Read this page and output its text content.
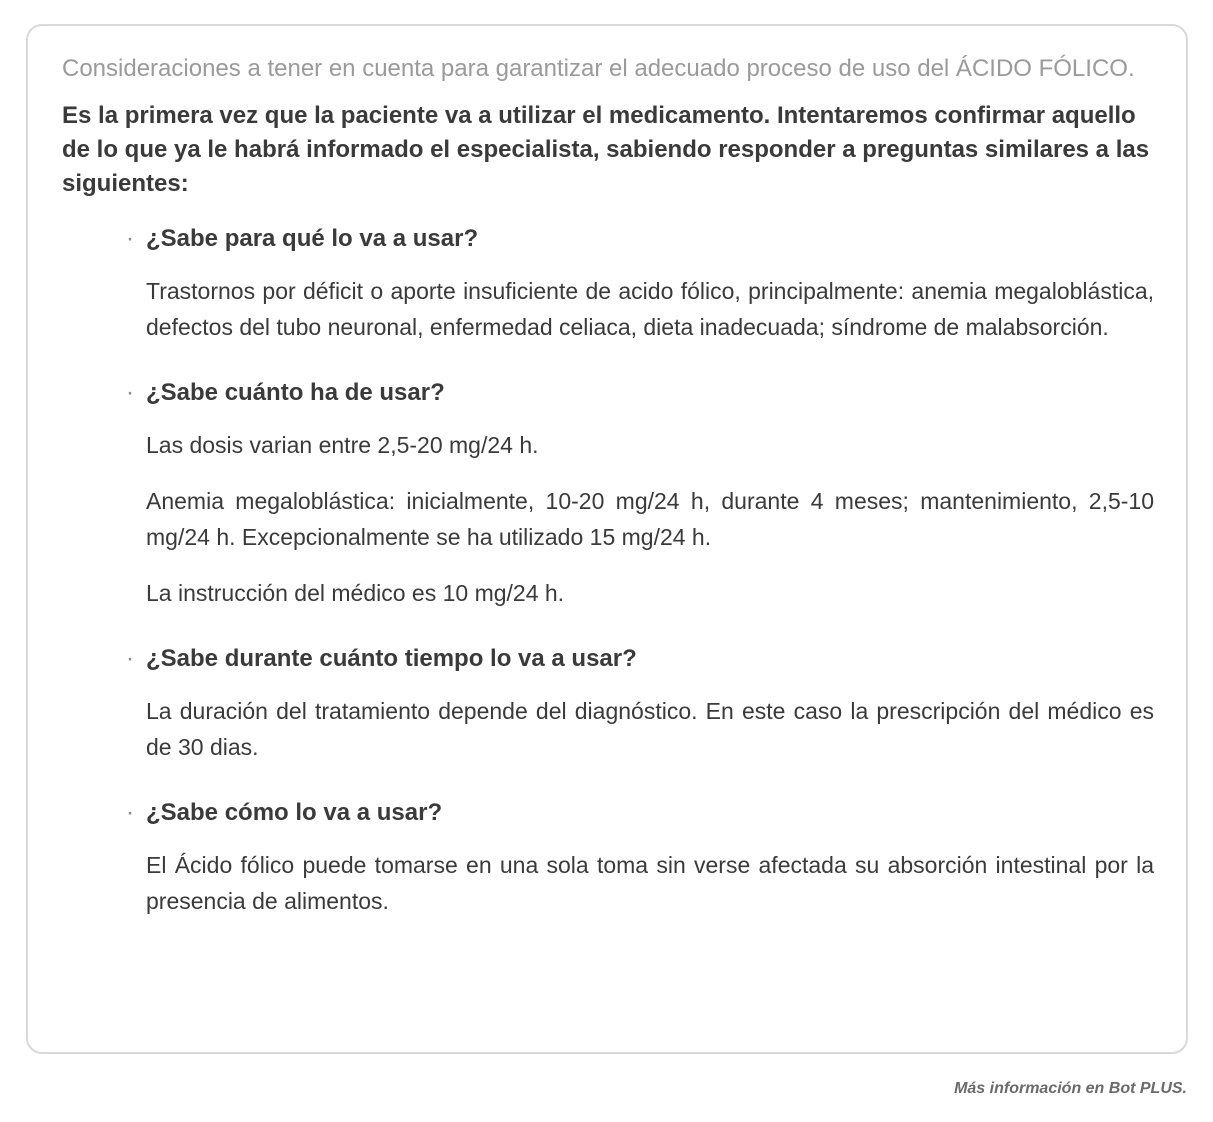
Consideraciones a tener en cuenta para garantizar el adecuado proceso de uso del ÁCIDO FÓLICO.

Es la primera vez que la paciente va a utilizar el medicamento. Intentaremos confirmar aquello de lo que ya le habrá informado el especialista, sabiendo responder a preguntas similares a las siguientes:

· ¿Sabe para qué lo va a usar?

Trastornos por déficit o aporte insuficiente de acido fólico, principalmente: anemia megaloblástica, defectos del tubo neuronal, enfermedad celiaca, dieta inadecuada; síndrome de malabsorción.

· ¿Sabe cuánto ha de usar?

Las dosis varian entre 2,5-20 mg/24 h.

Anemia megaloblástica: inicialmente, 10-20 mg/24 h, durante 4 meses; mantenimiento, 2,5-10 mg/24 h. Excepcionalmente se ha utilizado 15 mg/24 h.

La instrucción del médico es 10 mg/24 h.

· ¿Sabe durante cuánto tiempo lo va a usar?

La duración del tratamiento depende del diagnóstico. En este caso la prescripción del médico es de 30 dias.

· ¿Sabe cómo lo va a usar?

El Ácido fólico puede tomarse en una sola toma sin verse afectada su absorción intestinal por la presencia de alimentos.

Más información en Bot PLUS.
